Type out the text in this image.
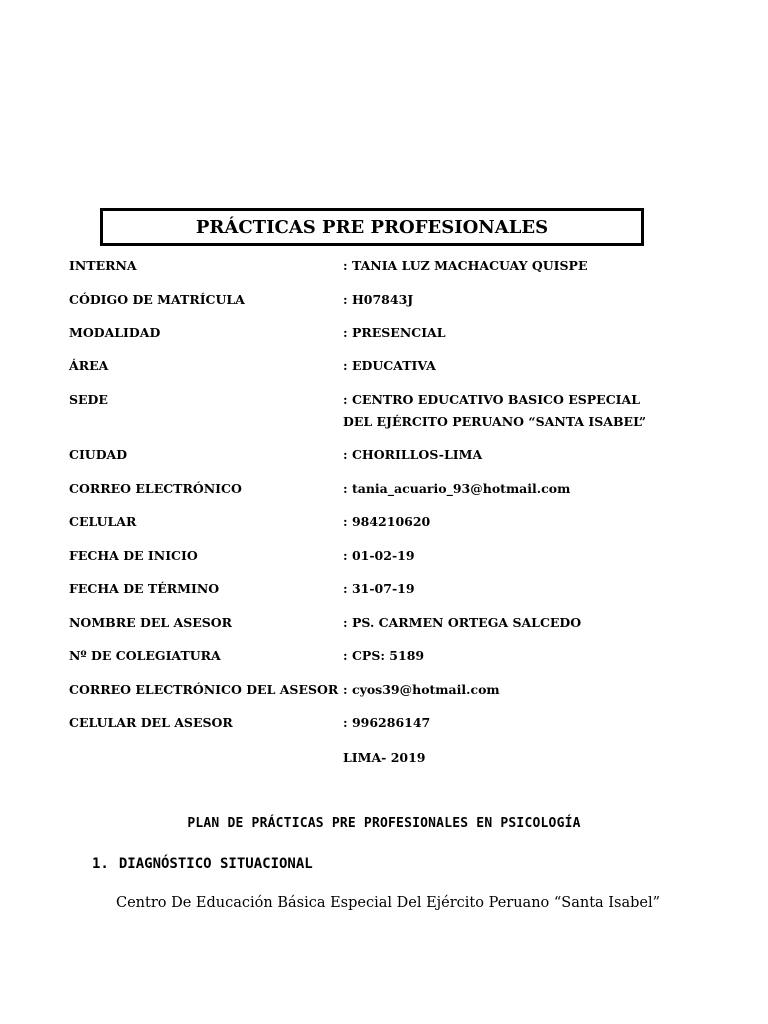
PRÁCTICAS PRE PROFESIONALES
INTERNA	: TANIA LUZ MACHACUAY QUISPE
CÓDIGO DE MATRÍCULA	: H07843J
MODALIDAD	: PRESENCIAL
ÁREA	: EDUCATIVA
SEDE	: CENTRO EDUCATIVO BASICO ESPECIAL DEL EJÉRCITO PERUANO “SANTA ISABEL”
CIUDAD	: CHORILLOS-LIMA
CORREO ELECTRÓNICO	: tania_acuario_93@hotmail.com
CELULAR	: 984210620
FECHA DE INICIO	: 01-02-19
FECHA DE TÉRMINO	: 31-07-19
NOMBRE DEL ASESOR	: PS. CARMEN ORTEGA SALCEDO
Nº DE COLEGIATURA	: CPS: 5189
CORREO ELECTRÓNICO DEL ASESOR : cyos39@hotmail.com
CELULAR DEL ASESOR	: 996286147
LIMA- 2019
PLAN DE PRÁCTICAS PRE PROFESIONALES EN PSICOLOGÍA
1. DIAGNÓSTICO SITUACIONAL
Centro De Educación Básica Especial Del Ejército Peruano “Santa Isabel”
